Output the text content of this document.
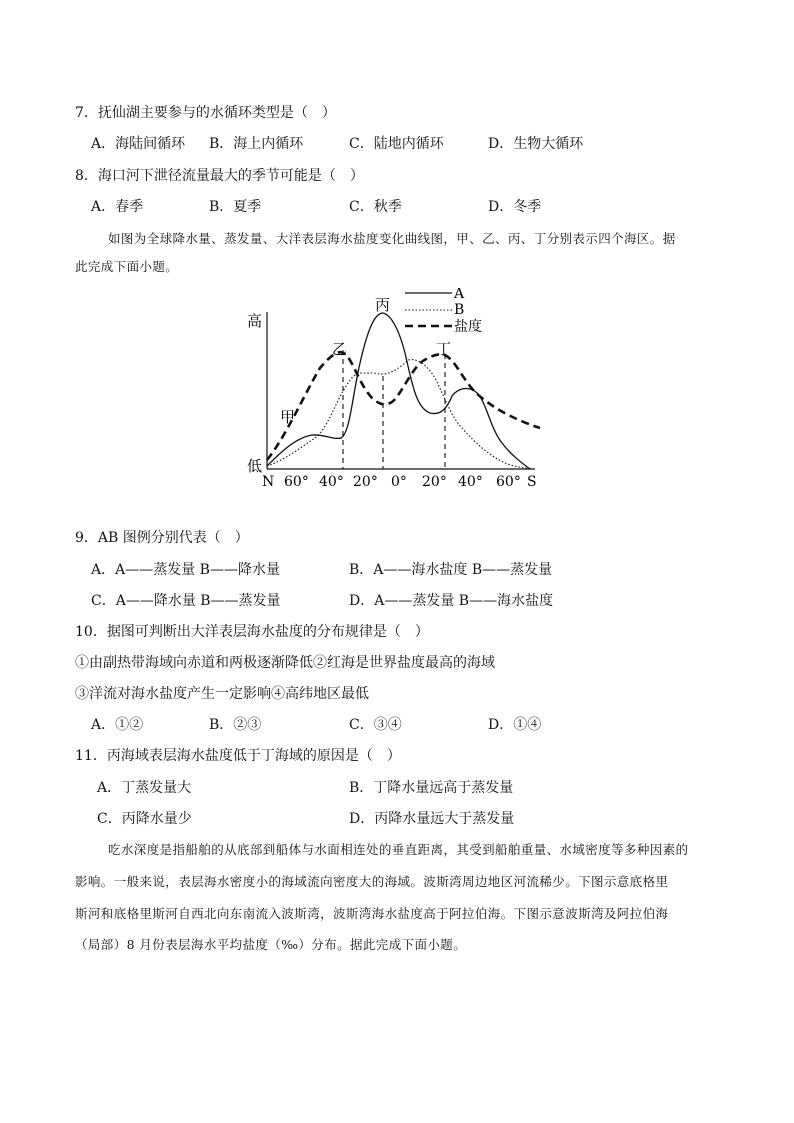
7．抚仙湖主要参与的水循环类型是（　）
A．海陆间循环 B．海上内循环	C．陆地内循环	D．生物大循环
8．海口河下泄径流量最大的季节可能是（　）
A．春季	B．夏季	C．秋季	D．冬季
如图为全球降水量、蒸发量、大洋表层海水盐度变化曲线图，甲、乙、丙、丁分别表示四个海区。据
此完成下面小题。
高
低
N 60° 40° 20° 0° 20° 40° 60° S
甲
乙
丙
丁
A
B
盐度
9．AB 图例分别代表（　）
A．A——蒸发量 B——降水量	B．A——海水盐度 B——蒸发量
C．A——降水量 B——蒸发量	D．A——蒸发量 B——海水盐度
10．据图可判断出大洋表层海水盐度的分布规律是（　）
①由副热带海域向赤道和两极逐渐降低②红海是世界盐度最高的海域
③洋流对海水盐度产生一定影响④高纬地区最低
A．①②	B．②③	C．③④	D．①④
11．丙海域表层海水盐度低于丁海域的原因是（　）
A．丁蒸发量大	B．丁降水量远高于蒸发量
C．丙降水量少	D．丙降水量远大于蒸发量
吃水深度是指船舶的从底部到船体与水面相连处的垂直距离，其受到船舶重量、水域密度等多种因素的
影响。一般来说，表层海水密度小的海域流向密度大的海域。波斯湾周边地区河流稀少。下图示意底格里
斯河和底格里斯河自西北向东南流入波斯湾，波斯湾海水盐度高于阿拉伯海。下图示意波斯湾及阿拉伯海
（局部）8 月份表层海水平均盐度（‰）分布。据此完成下面小题。
